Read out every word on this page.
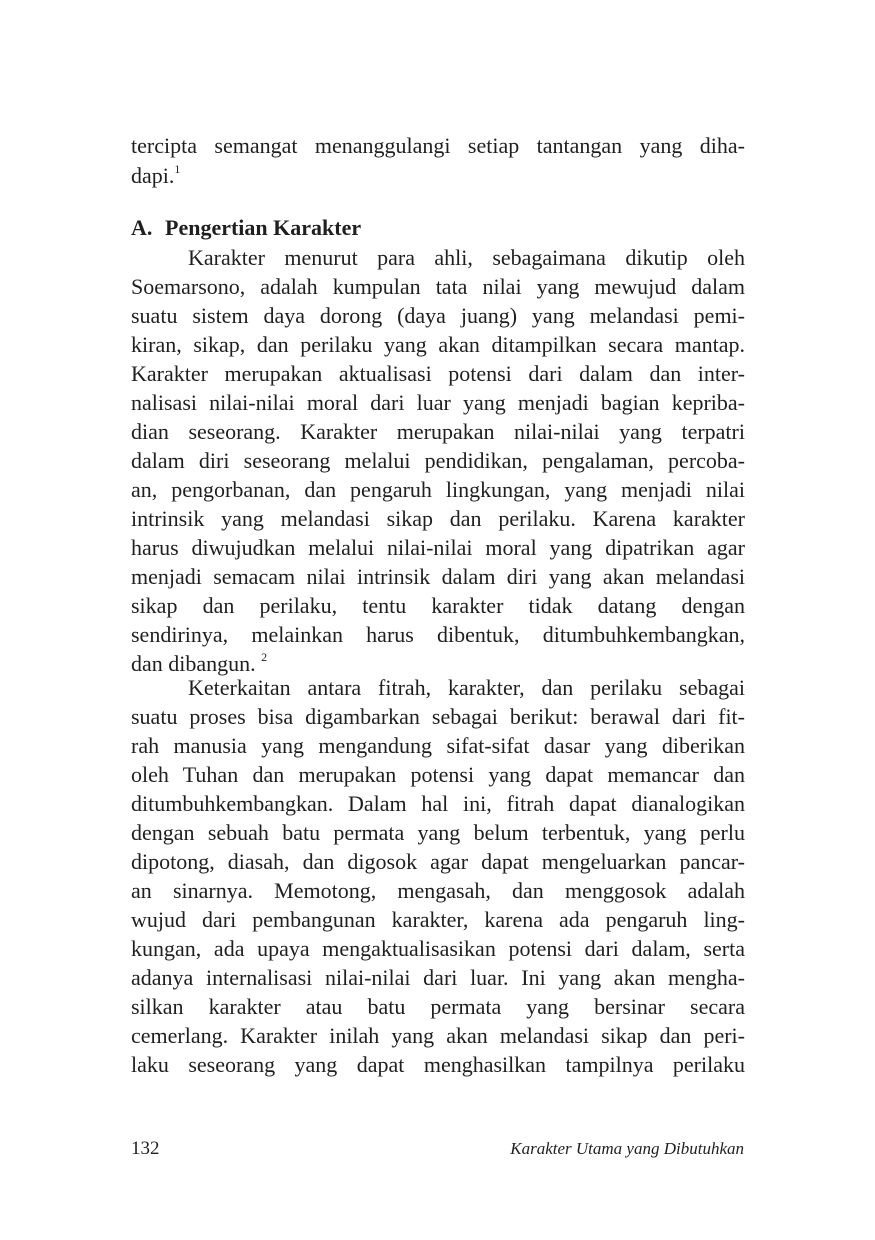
tercipta semangat menanggulangi setiap tantangan yang diha-
dapi.$^1$
A. Pengertian Karakter
Karakter menurut para ahli, sebagaimana dikutip oleh
Soemarsono, adalah kumpulan tata nilai yang mewujud dalam
suatu sistem daya dorong (daya juang) yang melandasi pemi-
kiran, sikap, dan perilaku yang akan ditampilkan secara mantap.
Karakter merupakan aktualisasi potensi dari dalam dan inter-
nalisasi nilai-nilai moral dari luar yang menjadi bagian kepriba-
dian seseorang. Karakter merupakan nilai-nilai yang terpatri
dalam diri seseorang melalui pendidikan, pengalaman, percoba-
an, pengorbanan, dan pengaruh lingkungan, yang menjadi nilai
intrinsik yang melandasi sikap dan perilaku. Karena karakter
harus diwujudkan melalui nilai-nilai moral yang dipatrikan agar
menjadi semacam nilai intrinsik dalam diri yang akan melandasi
sikap dan perilaku, tentu karakter tidak datang dengan
sendirinya, melainkan harus dibentuk, ditumbuhkembangkan,
dan dibangun. $^2$
Keterkaitan antara fitrah, karakter, dan perilaku sebagai
suatu proses bisa digambarkan sebagai berikut: berawal dari fit-
rah manusia yang mengandung sifat-sifat dasar yang diberikan
oleh Tuhan dan merupakan potensi yang dapat memancar dan
ditumbuhkembangkan. Dalam hal ini, fitrah dapat dianalogikan
dengan sebuah batu permata yang belum terbentuk, yang perlu
dipotong, diasah, dan digosok agar dapat mengeluarkan pancar-
an sinarnya. Memotong, mengasah, dan menggosok adalah
wujud dari pembangunan karakter, karena ada pengaruh ling-
kungan, ada upaya mengaktualisasikan potensi dari dalam, serta
adanya internalisasi nilai-nilai dari luar. Ini yang akan mengha-
silkan karakter atau batu permata yang bersinar secara
cemerlang. Karakter inilah yang akan melandasi sikap dan peri-
laku seseorang yang dapat menghasilkan tampilnya perilaku
132	Karakter Utama yang Dibutuhkan
